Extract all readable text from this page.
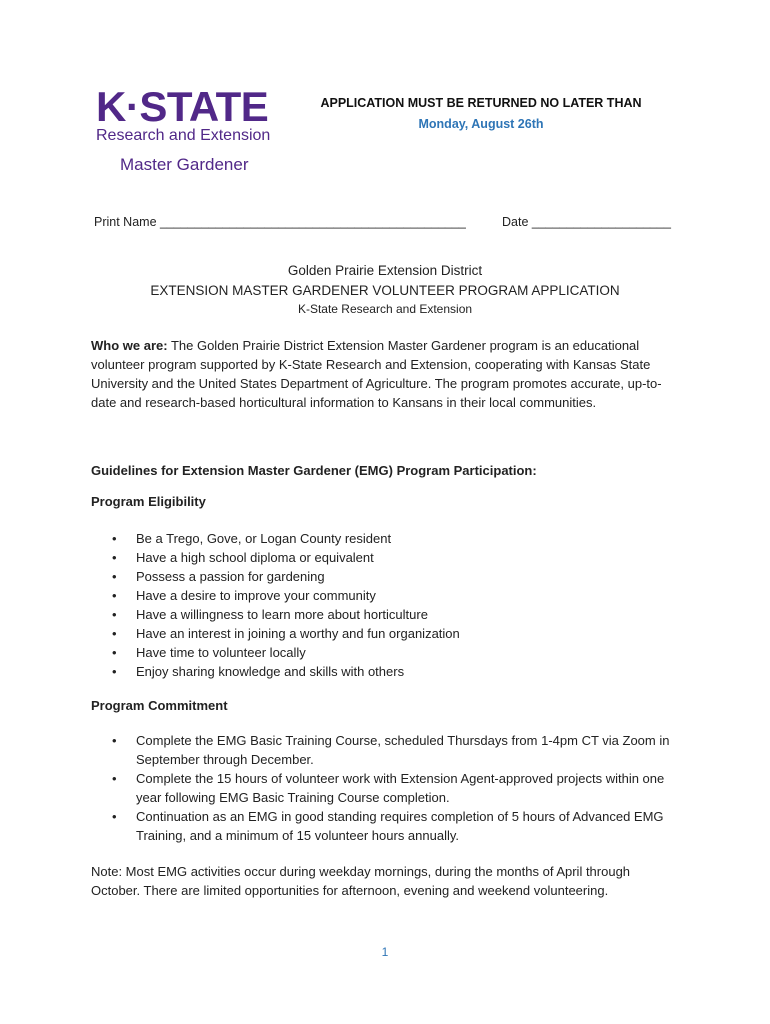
K·STATE
Research and Extension
Master Gardener
APPLICATION MUST BE RETURNED NO LATER THAN
Monday, August 26th
Print Name ____________________________________________	Date ____________________
Golden Prairie Extension District
EXTENSION MASTER GARDENER VOLUNTEER PROGRAM APPLICATION
K-State Research and Extension
Who we are: The Golden Prairie District Extension Master Gardener program is an educational volunteer program supported by K-State Research and Extension, cooperating with Kansas State University and the United States Department of Agriculture. The program promotes accurate, up-to-date and research-based horticultural information to Kansans in their local communities.
Guidelines for Extension Master Gardener (EMG) Program Participation:
Program Eligibility
• Be a Trego, Gove, or Logan County resident
• Have a high school diploma or equivalent
• Possess a passion for gardening
• Have a desire to improve your community
• Have a willingness to learn more about horticulture
• Have an interest in joining a worthy and fun organization
• Have time to volunteer locally
• Enjoy sharing knowledge and skills with others
Program Commitment
• Complete the EMG Basic Training Course, scheduled Thursdays from 1-4pm CT via Zoom in September through December.
• Complete the 15 hours of volunteer work with Extension Agent-approved projects within one year following EMG Basic Training Course completion.
• Continuation as an EMG in good standing requires completion of 5 hours of Advanced EMG Training, and a minimum of 15 volunteer hours annually.
Note: Most EMG activities occur during weekday mornings, during the months of April through October. There are limited opportunities for afternoon, evening and weekend volunteering.
1
